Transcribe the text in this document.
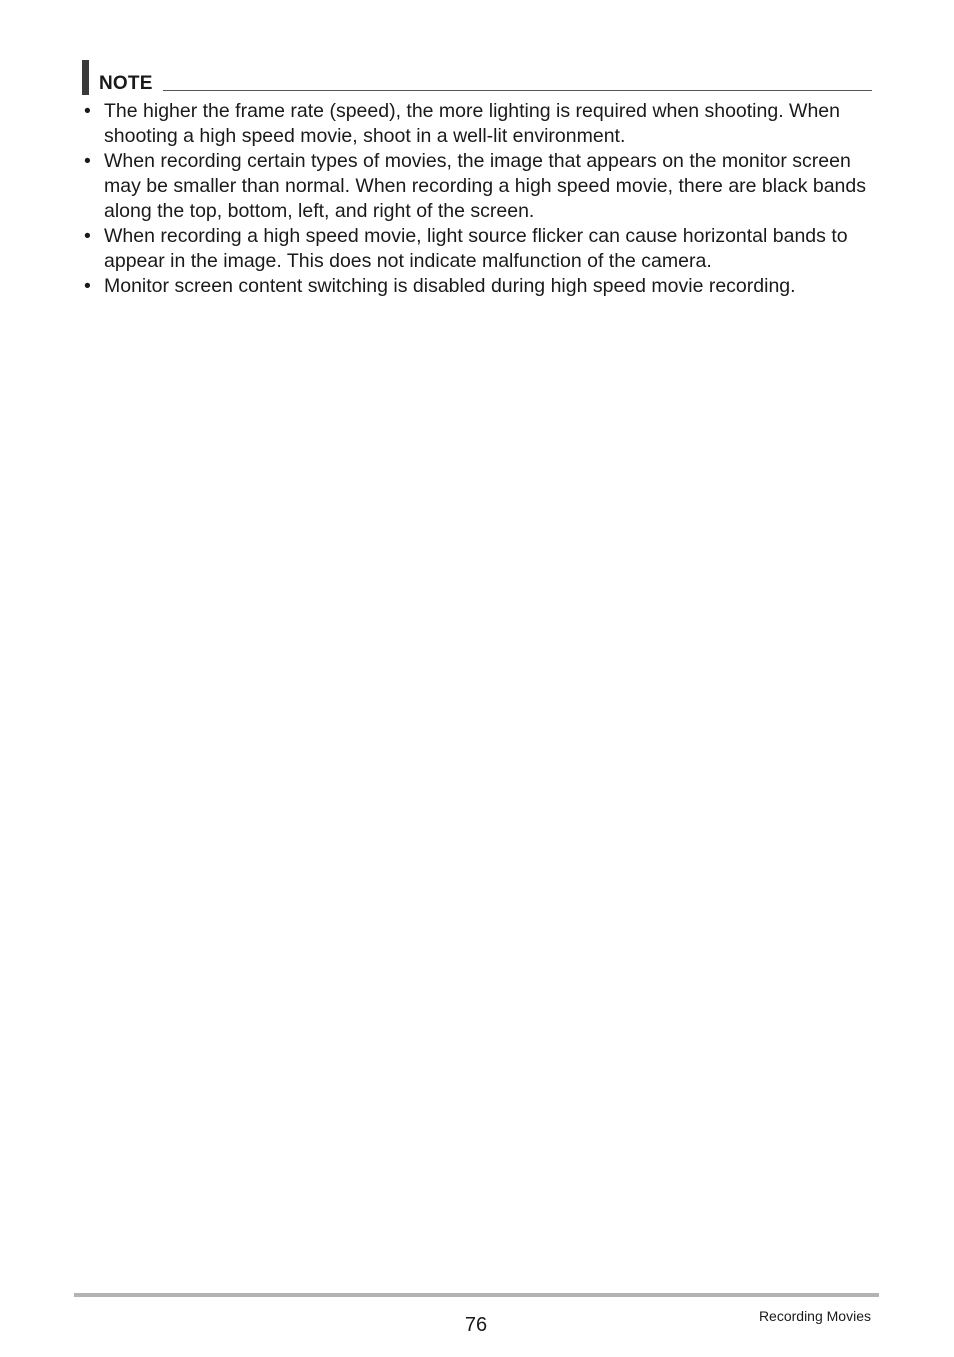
NOTE
• The higher the frame rate (speed), the more lighting is required when shooting. When shooting a high speed movie, shoot in a well-lit environment.
• When recording certain types of movies, the image that appears on the monitor screen may be smaller than normal. When recording a high speed movie, there are black bands along the top, bottom, left, and right of the screen.
• When recording a high speed movie, light source flicker can cause horizontal bands to appear in the image. This does not indicate malfunction of the camera.
• Monitor screen content switching is disabled during high speed movie recording.
76	Recording Movies
